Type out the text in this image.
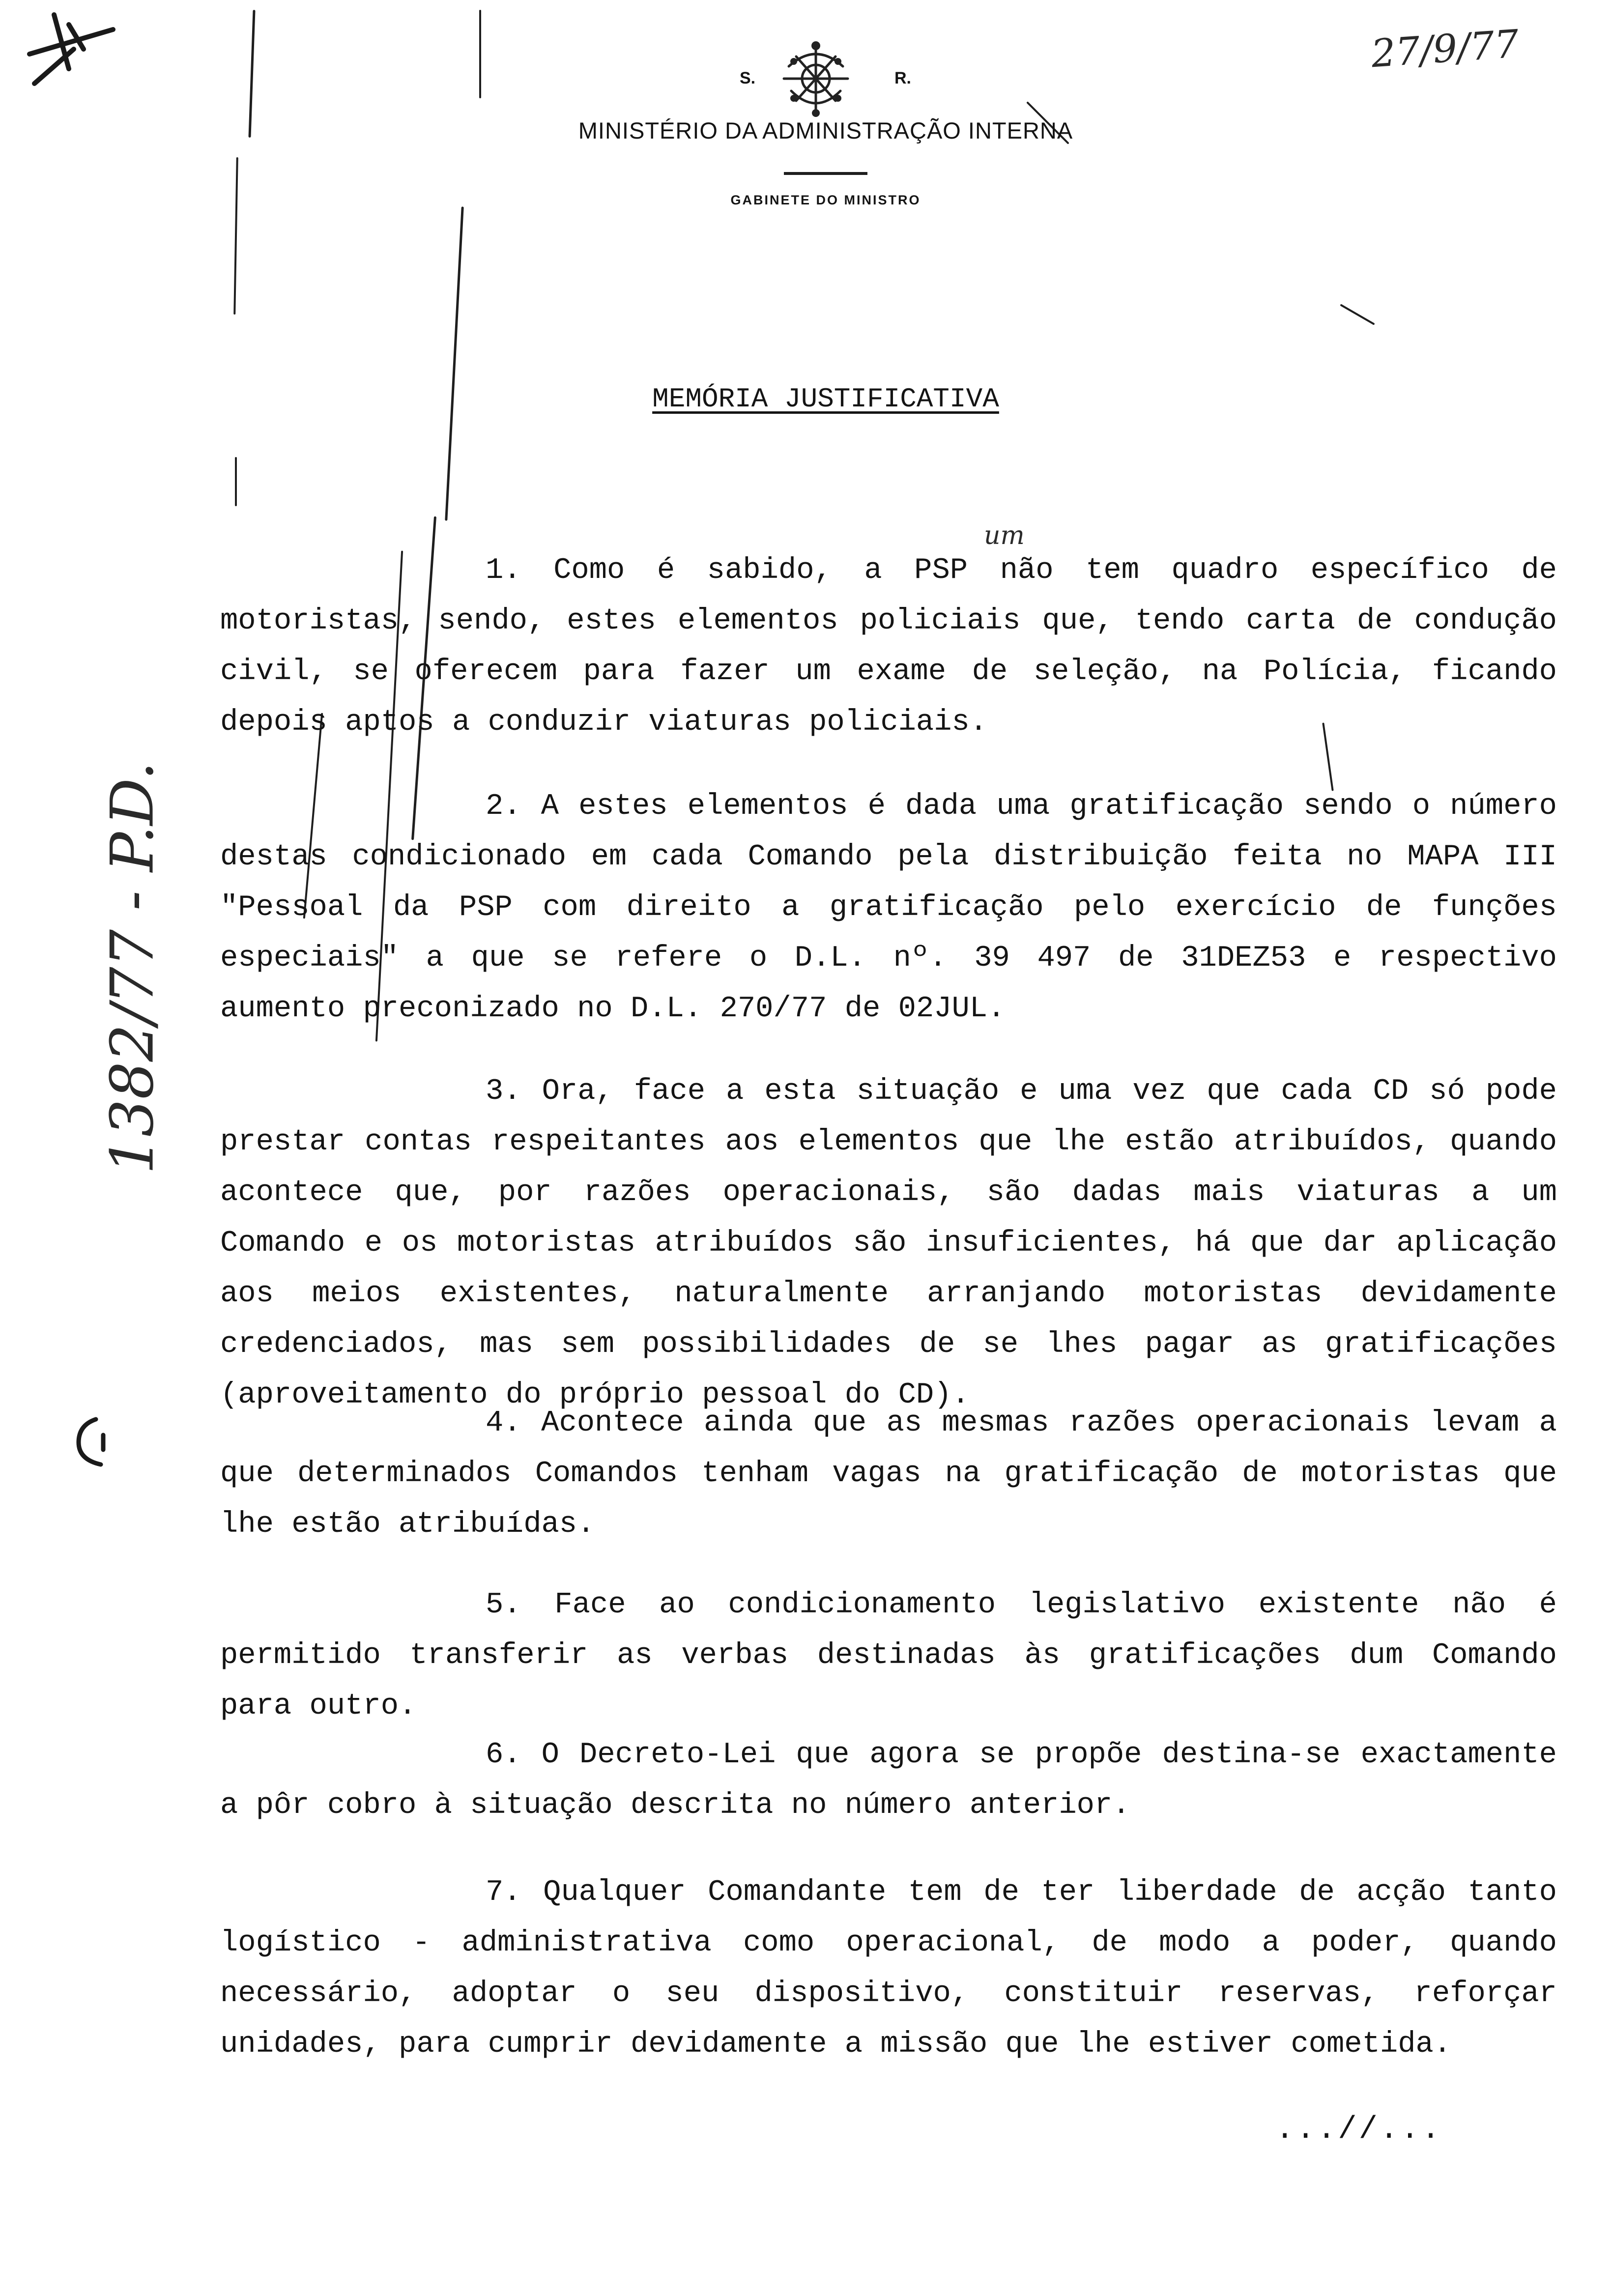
27/9/77
1382/77 - P.D.
um
S.	R.
MINISTÉRIO DA ADMINISTRAÇÃO INTERNA
GABINETE DO MINISTRO
MEMÓRIA JUSTIFICATIVA

1. Como é sabido, a PSP não tem quadro específico de motoristas, sendo, estes elementos policiais que, tendo carta de condução civil, se oferecem para fazer um exame de seleção, na Polícia, ficando depois aptos a conduzir viaturas policiais.

2. A estes elementos é dada uma gratificação sendo o número destas condicionado em cada Comando pela distribuição feita no MAPA III "Pessoal da PSP com direito a gratificação pelo exercício de funções especiais" a que se refere o D.L. nº. 39 497 de 31DEZ53 e respectivo aumento preconizado no D.L. 270/77 de 02JUL.

3. Ora, face a esta situação e uma vez que cada CD só pode prestar contas respeitantes aos elementos que lhe estão atribuídos, quando acontece que, por razões operacionais, são dadas mais viaturas a um Comando e os motoristas atribuídos são insuficientes, há que dar aplicação aos meios existentes, naturalmente arranjando motoristas devidamente credenciados, mas sem possibilidades de se lhes pagar as gratificações (aproveitamento do próprio pessoal do CD).

4. Acontece ainda que as mesmas razões operacionais levam a que determinados Comandos tenham vagas na gratificação de motoristas que lhe estão atribuídas.

5. Face ao condicionamento legislativo existente não é permitido transferir as verbas destinadas às gratificações dum Comando para outro.

6. O Decreto-Lei que agora se propõe destina-se exactamente a pôr cobro à situação descrita no número anterior.

7. Qualquer Comandante tem de ter liberdade de acção tanto logístico - administrativa como operacional, de modo a poder, quando necessário, adoptar o seu dispositivo, constituir reservas, reforçar unidades, para cumprir devidamente a missão que lhe estiver cometida.

...//...
